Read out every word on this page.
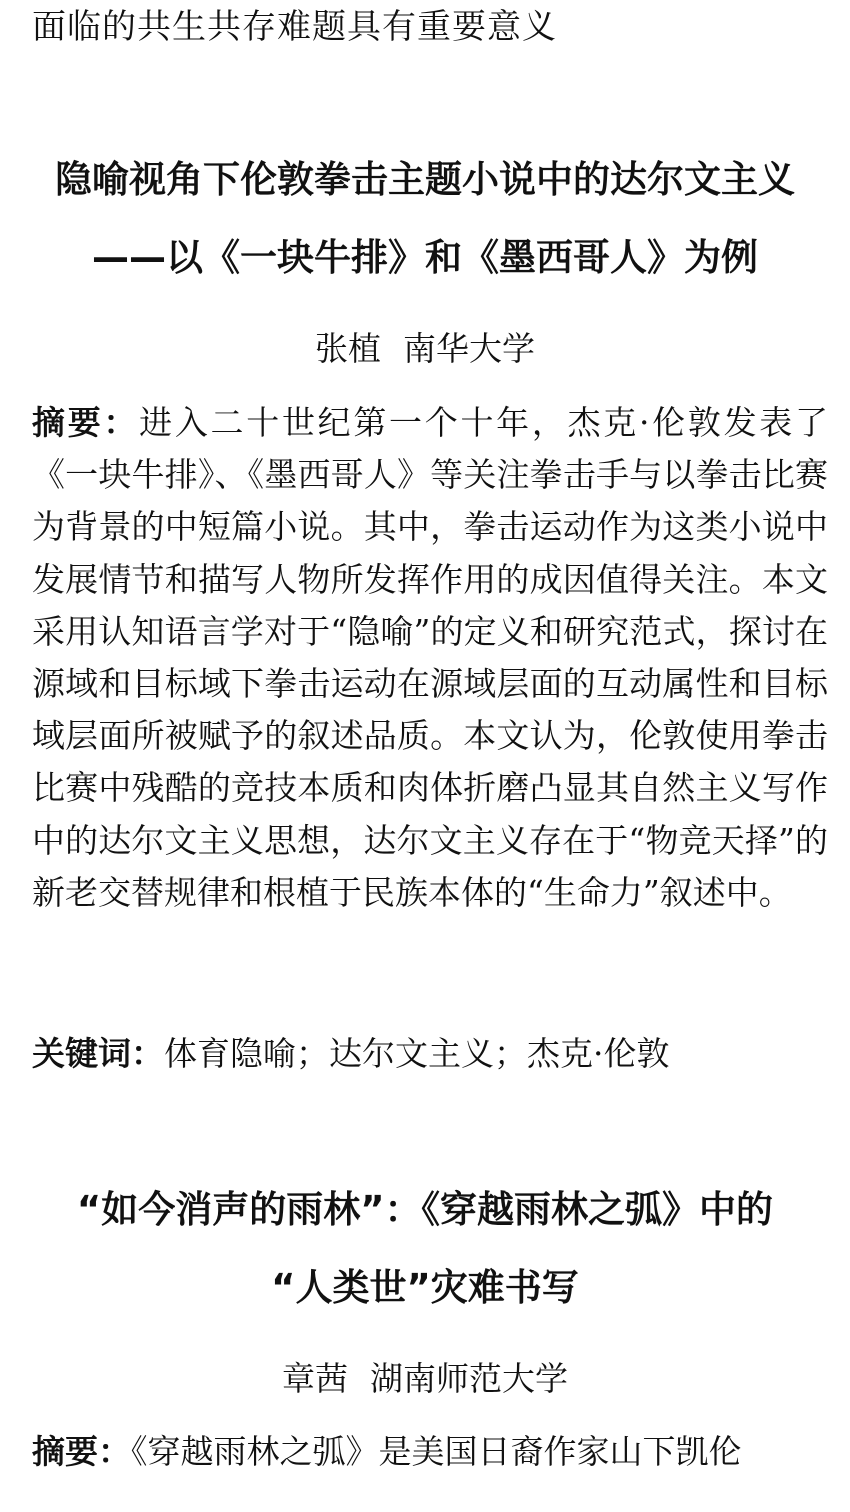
面临的共生共存难题具有重要意义
隐喻视角下伦敦拳击主题小说中的达尔文主义
——以《一块牛排》和《墨西哥人》为例
张植 南华大学
摘要：进入二十世纪第一个十年，杰克·伦敦发表了《一块牛排》、《墨西哥人》等关注拳击手与以拳击比赛为背景的中短篇小说。其中，拳击运动作为这类小说中发展情节和描写人物所发挥作用的成因值得关注。本文采用认知语言学对于“隐喻”的定义和研究范式，探讨在源域和目标域下拳击运动在源域层面的互动属性和目标域层面所被赋予的叙述品质。本文认为，伦敦使用拳击比赛中残酷的竞技本质和肉体折磨凸显其自然主义写作中的达尔文主义思想，达尔文主义存在于“物竞天择”的新老交替规律和根植于民族本体的“生命力”叙述中。
关键词：体育隐喻；达尔文主义；杰克·伦敦
“如今消声的雨林”：《穿越雨林之弧》中的
“人类世”灾难书写
章茜 湖南师范大学
摘要：《穿越雨林之弧》是美国日裔作家山下凯伦
